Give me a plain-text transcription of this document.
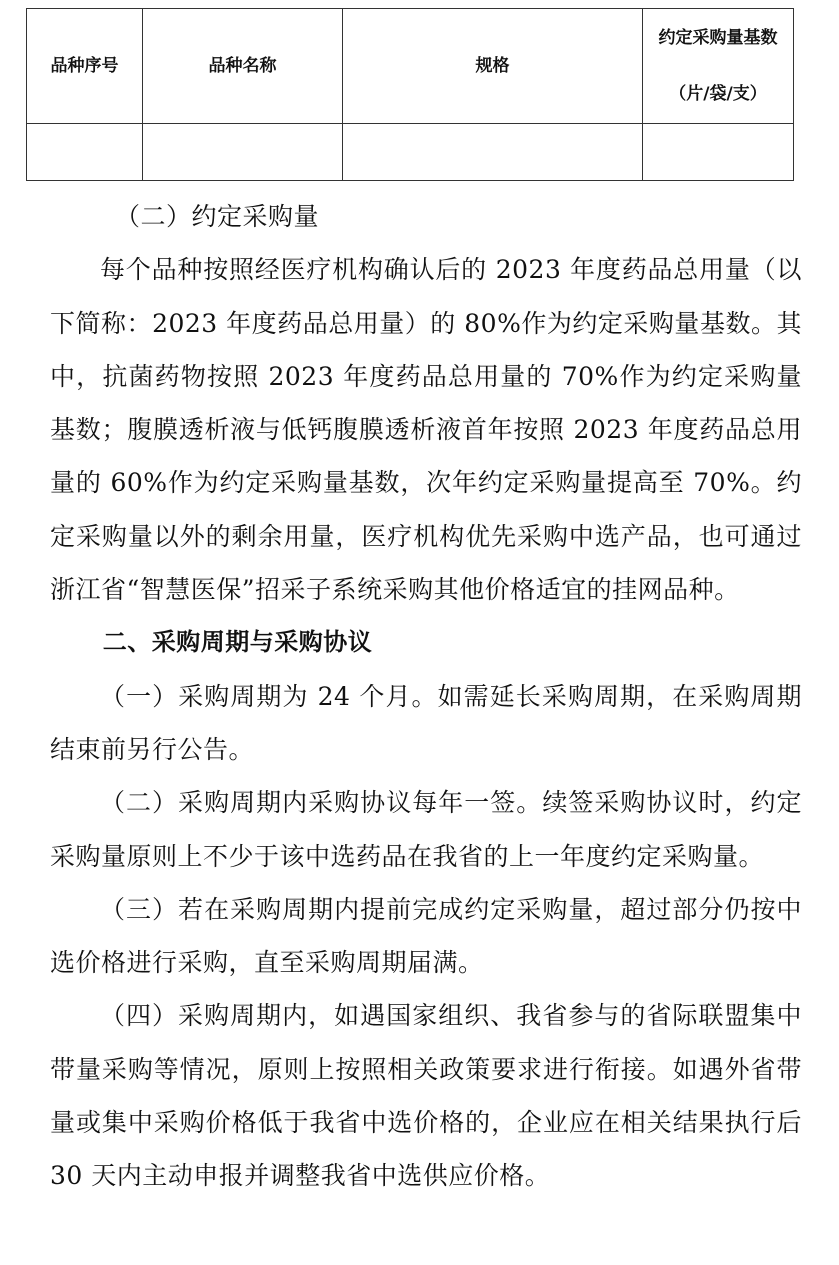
品种序号	品种名称	规格	约定采购量基数
（片/袋/支）

（二）约定采购量

每个品种按照经医疗机构确认后的 2023 年度药品总用量（以下简称：2023 年度药品总用量）的 80%作为约定采购量基数。其中，抗菌药物按照 2023 年度药品总用量的 70%作为约定采购量基数；腹膜透析液与低钙腹膜透析液首年按照 2023 年度药品总用量的 60%作为约定采购量基数，次年约定采购量提高至 70%。约定采购量以外的剩余用量，医疗机构优先采购中选产品，也可通过浙江省“智慧医保”招采子系统采购其他价格适宜的挂网品种。

二、采购周期与采购协议

（一）采购周期为 24 个月。如需延长采购周期，在采购周期结束前另行公告。

（二）采购周期内采购协议每年一签。续签采购协议时，约定采购量原则上不少于该中选药品在我省的上一年度约定采购量。

（三）若在采购周期内提前完成约定采购量，超过部分仍按中选价格进行采购，直至采购周期届满。

（四）采购周期内，如遇国家组织、我省参与的省际联盟集中带量采购等情况，原则上按照相关政策要求进行衔接。如遇外省带量或集中采购价格低于我省中选价格的，企业应在相关结果执行后 30 天内主动申报并调整我省中选供应价格。
